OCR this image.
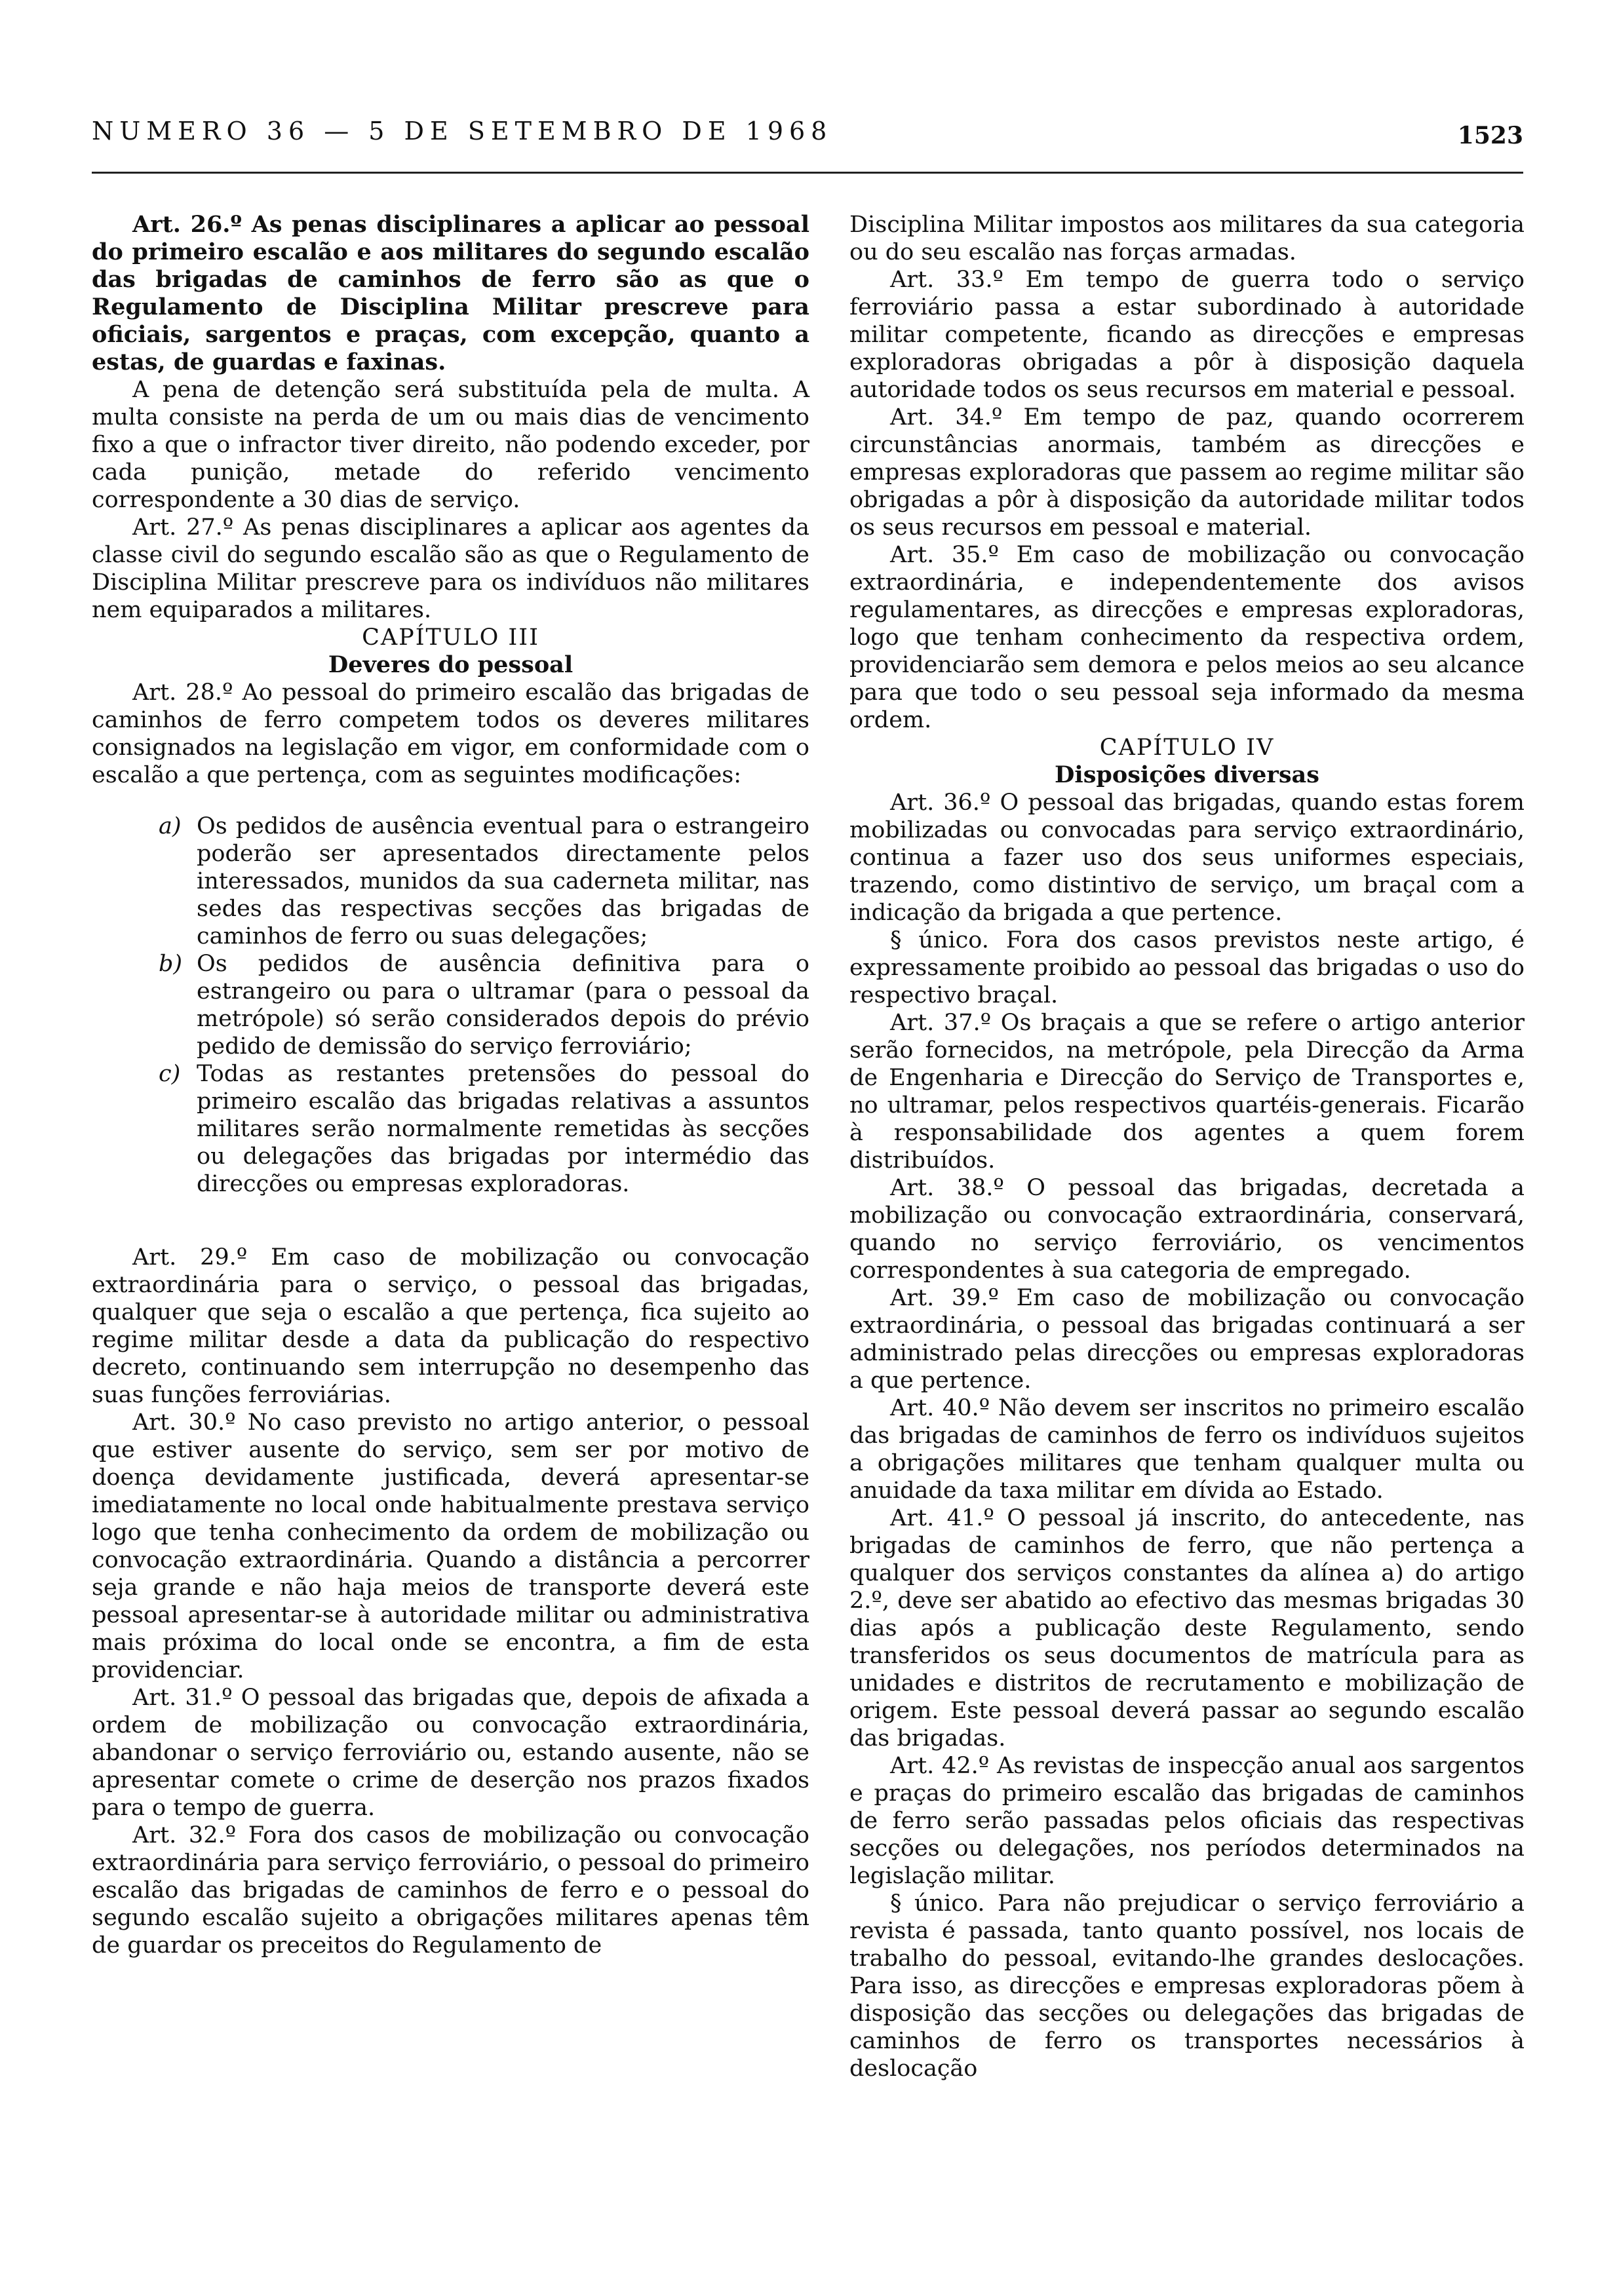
NUMERO 36 — 5 DE SETEMBRO DE 1968	1523

Art. 26.º As penas disciplinares a aplicar ao pessoal do primeiro escalão e aos militares do segundo escalão das brigadas de caminhos de ferro são as que o Regulamento de Disciplina Militar prescreve para oficiais, sargentos e praças, com excepção, quanto a estas, de guardas e faxinas.

A pena de detenção será substituída pela de multa. A multa consiste na perda de um ou mais dias de vencimento fixo a que o infractor tiver direito, não podendo exceder, por cada punição, metade do referido vencimento correspondente a 30 dias de serviço.

Art. 27.º As penas disciplinares a aplicar aos agentes da classe civil do segundo escalão são as que o Regulamento de Disciplina Militar prescreve para os indivíduos não militares nem equiparados a militares.

CAPÍTULO III

Deveres do pessoal

Art. 28.º Ao pessoal do primeiro escalão das brigadas de caminhos de ferro competem todos os deveres militares consignados na legislação em vigor, em conformidade com o escalão a que pertença, com as seguintes modificações:

a) Os pedidos de ausência eventual para o estrangeiro poderão ser apresentados directamente pelos interessados, munidos da sua caderneta militar, nas sedes das respectivas secções das brigadas de caminhos de ferro ou suas delegações;
b) Os pedidos de ausência definitiva para o estrangeiro ou para o ultramar (para o pessoal da metrópole) só serão considerados depois do prévio pedido de demissão do serviço ferroviário;
c) Todas as restantes pretensões do pessoal do primeiro escalão das brigadas relativas a assuntos militares serão normalmente remetidas às secções ou delegações das brigadas por intermédio das direcções ou empresas exploradoras.

Art. 29.º Em caso de mobilização ou convocação extraordinária para o serviço, o pessoal das brigadas, qualquer que seja o escalão a que pertença, fica sujeito ao regime militar desde a data da publicação do respectivo decreto, continuando sem interrupção no desempenho das suas funções ferroviárias.

Art. 30.º No caso previsto no artigo anterior, o pessoal que estiver ausente do serviço, sem ser por motivo de doença devidamente justificada, deverá apresentar-se imediatamente no local onde habitualmente prestava serviço logo que tenha conhecimento da ordem de mobilização ou convocação extraordinária. Quando a distância a percorrer seja grande e não haja meios de transporte deverá este pessoal apresentar-se à autoridade militar ou administrativa mais próxima do local onde se encontra, a fim de esta providenciar.

Art. 31.º O pessoal das brigadas que, depois de afixada a ordem de mobilização ou convocação extraordinária, abandonar o serviço ferroviário ou, estando ausente, não se apresentar comete o crime de deserção nos prazos fixados para o tempo de guerra.

Art. 32.º Fora dos casos de mobilização ou convocação extraordinária para serviço ferroviário, o pessoal do primeiro escalão das brigadas de caminhos de ferro e o pessoal do segundo escalão sujeito a obrigações militares apenas têm de guardar os preceitos do Regulamento de

Disciplina Militar impostos aos militares da sua categoria ou do seu escalão nas forças armadas.

Art. 33.º Em tempo de guerra todo o serviço ferroviário passa a estar subordinado à autoridade militar competente, ficando as direcções e empresas exploradoras obrigadas a pôr à disposição daquela autoridade todos os seus recursos em material e pessoal.

Art. 34.º Em tempo de paz, quando ocorrerem circunstâncias anormais, também as direcções e empresas exploradoras que passem ao regime militar são obrigadas a pôr à disposição da autoridade militar todos os seus recursos em pessoal e material.

Art. 35.º Em caso de mobilização ou convocação extraordinária, e independentemente dos avisos regulamentares, as direcções e empresas exploradoras, logo que tenham conhecimento da respectiva ordem, providenciarão sem demora e pelos meios ao seu alcance para que todo o seu pessoal seja informado da mesma ordem.

CAPÍTULO IV

Disposições diversas

Art. 36.º O pessoal das brigadas, quando estas forem mobilizadas ou convocadas para serviço extraordinário, continua a fazer uso dos seus uniformes especiais, trazendo, como distintivo de serviço, um braçal com a indicação da brigada a que pertence.

§ único. Fora dos casos previstos neste artigo, é expressamente proibido ao pessoal das brigadas o uso do respectivo braçal.

Art. 37.º Os braçais a que se refere o artigo anterior serão fornecidos, na metrópole, pela Direcção da Arma de Engenharia e Direcção do Serviço de Transportes e, no ultramar, pelos respectivos quartéis-generais. Ficarão à responsabilidade dos agentes a quem forem distribuídos.

Art. 38.º O pessoal das brigadas, decretada a mobilização ou convocação extraordinária, conservará, quando no serviço ferroviário, os vencimentos correspondentes à sua categoria de empregado.

Art. 39.º Em caso de mobilização ou convocação extraordinária, o pessoal das brigadas continuará a ser administrado pelas direcções ou empresas exploradoras a que pertence.

Art. 40.º Não devem ser inscritos no primeiro escalão das brigadas de caminhos de ferro os indivíduos sujeitos a obrigações militares que tenham qualquer multa ou anuidade da taxa militar em dívida ao Estado.

Art. 41.º O pessoal já inscrito, do antecedente, nas brigadas de caminhos de ferro, que não pertença a qualquer dos serviços constantes da alínea a) do artigo 2.º, deve ser abatido ao efectivo das mesmas brigadas 30 dias após a publicação deste Regulamento, sendo transferidos os seus documentos de matrícula para as unidades e distritos de recrutamento e mobilização de origem. Este pessoal deverá passar ao segundo escalão das brigadas.

Art. 42.º As revistas de inspecção anual aos sargentos e praças do primeiro escalão das brigadas de caminhos de ferro serão passadas pelos oficiais das respectivas secções ou delegações, nos períodos determinados na legislação militar.

§ único. Para não prejudicar o serviço ferroviário a revista é passada, tanto quanto possível, nos locais de trabalho do pessoal, evitando-lhe grandes deslocações. Para isso, as direcções e empresas exploradoras põem à disposição das secções ou delegações das brigadas de caminhos de ferro os transportes necessários à deslocação
